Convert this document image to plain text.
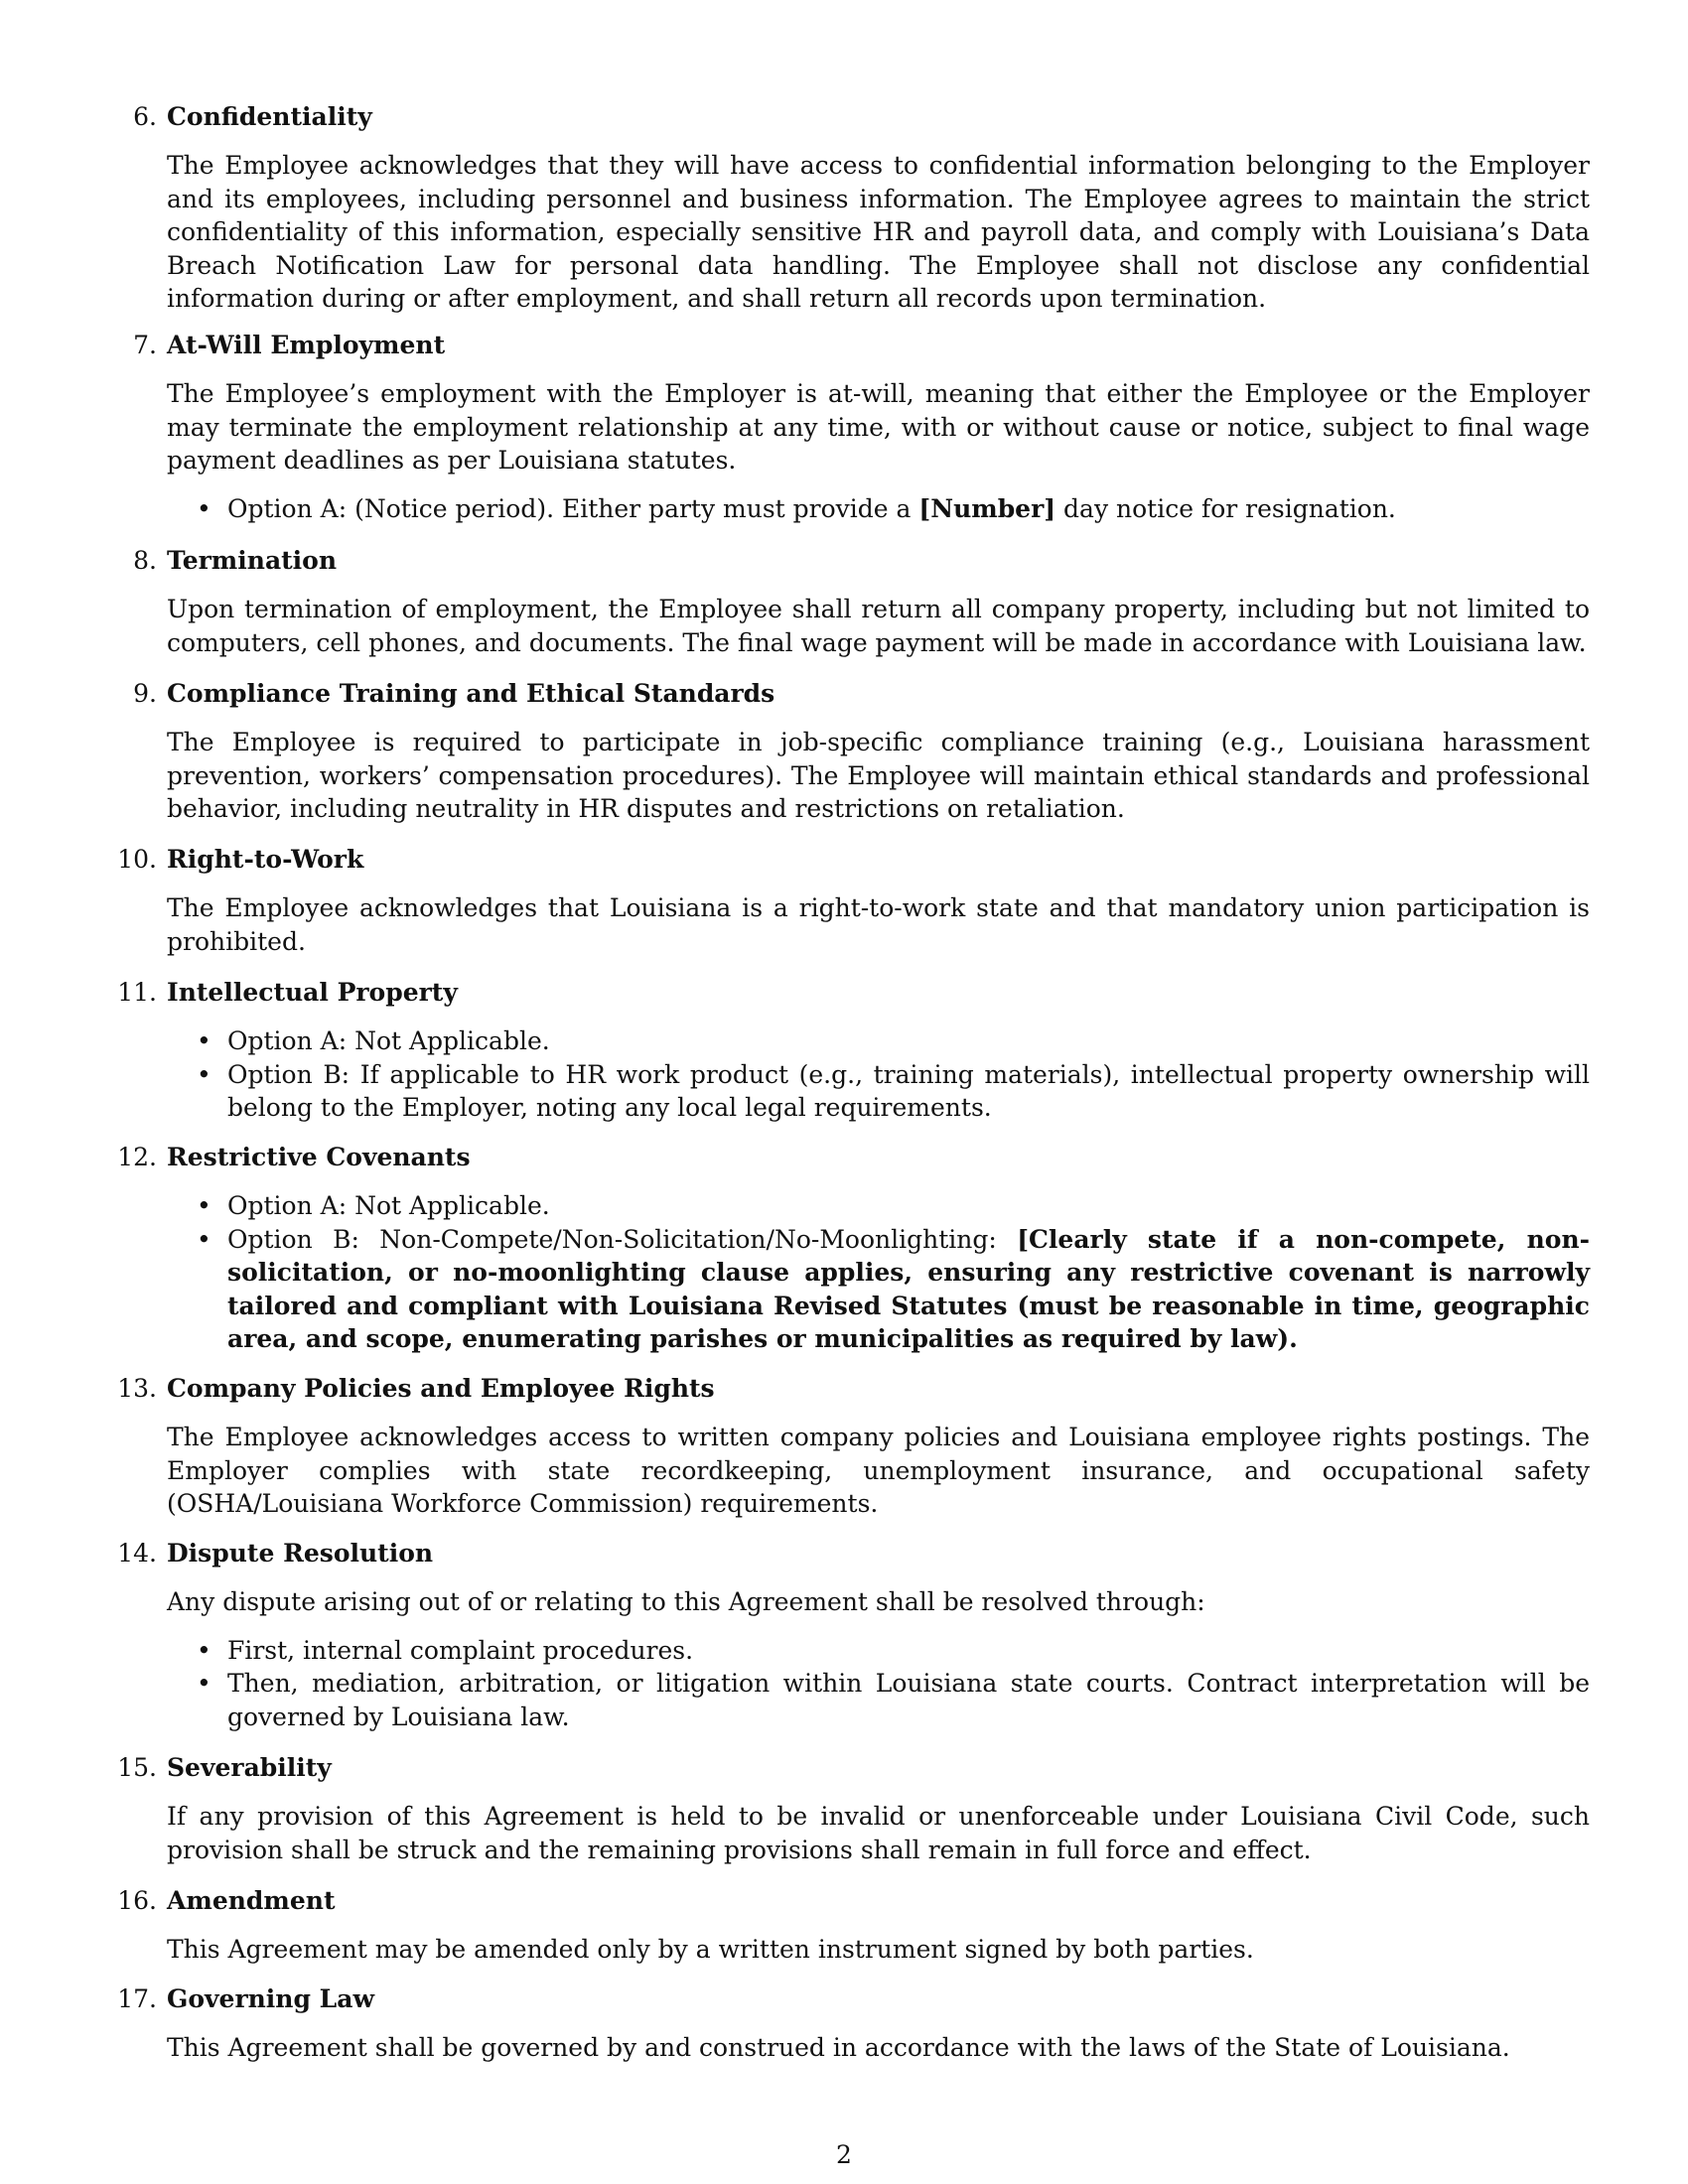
6. Confidentiality
The Employee acknowledges that they will have access to confidential information belonging to the Employer and its employees, including personnel and business information. The Employee agrees to maintain the strict confidentiality of this information, especially sensitive HR and payroll data, and comply with Louisiana’s Data Breach Notification Law for personal data handling. The Employee shall not disclose any confidential information during or after employment, and shall return all records upon termination.
7. At-Will Employment
The Employee’s employment with the Employer is at-will, meaning that either the Employee or the Employer may terminate the employment relationship at any time, with or without cause or notice, subject to final wage payment deadlines as per Louisiana statutes.
• Option A: (Notice period). Either party must provide a [Number] day notice for resignation.
8. Termination
Upon termination of employment, the Employee shall return all company property, including but not limited to computers, cell phones, and documents. The final wage payment will be made in accordance with Louisiana law.
9. Compliance Training and Ethical Standards
The Employee is required to participate in job-specific compliance training (e.g., Louisiana harassment prevention, workers’ compensation procedures). The Employee will maintain ethical standards and professional behavior, including neutrality in HR disputes and restrictions on retaliation.
10. Right-to-Work
The Employee acknowledges that Louisiana is a right-to-work state and that mandatory union participation is prohibited.
11. Intellectual Property
• Option A: Not Applicable.
• Option B: If applicable to HR work product (e.g., training materials), intellectual property ownership will belong to the Employer, noting any local legal requirements.
12. Restrictive Covenants
• Option A: Not Applicable.
• Option B: Non-Compete/Non-Solicitation/No-Moonlighting: [Clearly state if a non-compete, non-solicitation, or no-moonlighting clause applies, ensuring any restrictive covenant is narrowly tailored and compliant with Louisiana Revised Statutes (must be reasonable in time, geographic area, and scope, enumerating parishes or municipalities as required by law).
13. Company Policies and Employee Rights
The Employee acknowledges access to written company policies and Louisiana employee rights postings. The Employer complies with state recordkeeping, unemployment insurance, and occupational safety (OSHA/Louisiana Workforce Commission) requirements.
14. Dispute Resolution
Any dispute arising out of or relating to this Agreement shall be resolved through:
• First, internal complaint procedures.
• Then, mediation, arbitration, or litigation within Louisiana state courts. Contract interpretation will be governed by Louisiana law.
15. Severability
If any provision of this Agreement is held to be invalid or unenforceable under Louisiana Civil Code, such provision shall be struck and the remaining provisions shall remain in full force and effect.
16. Amendment
This Agreement may be amended only by a written instrument signed by both parties.
17. Governing Law
This Agreement shall be governed by and construed in accordance with the laws of the State of Louisiana.
2
